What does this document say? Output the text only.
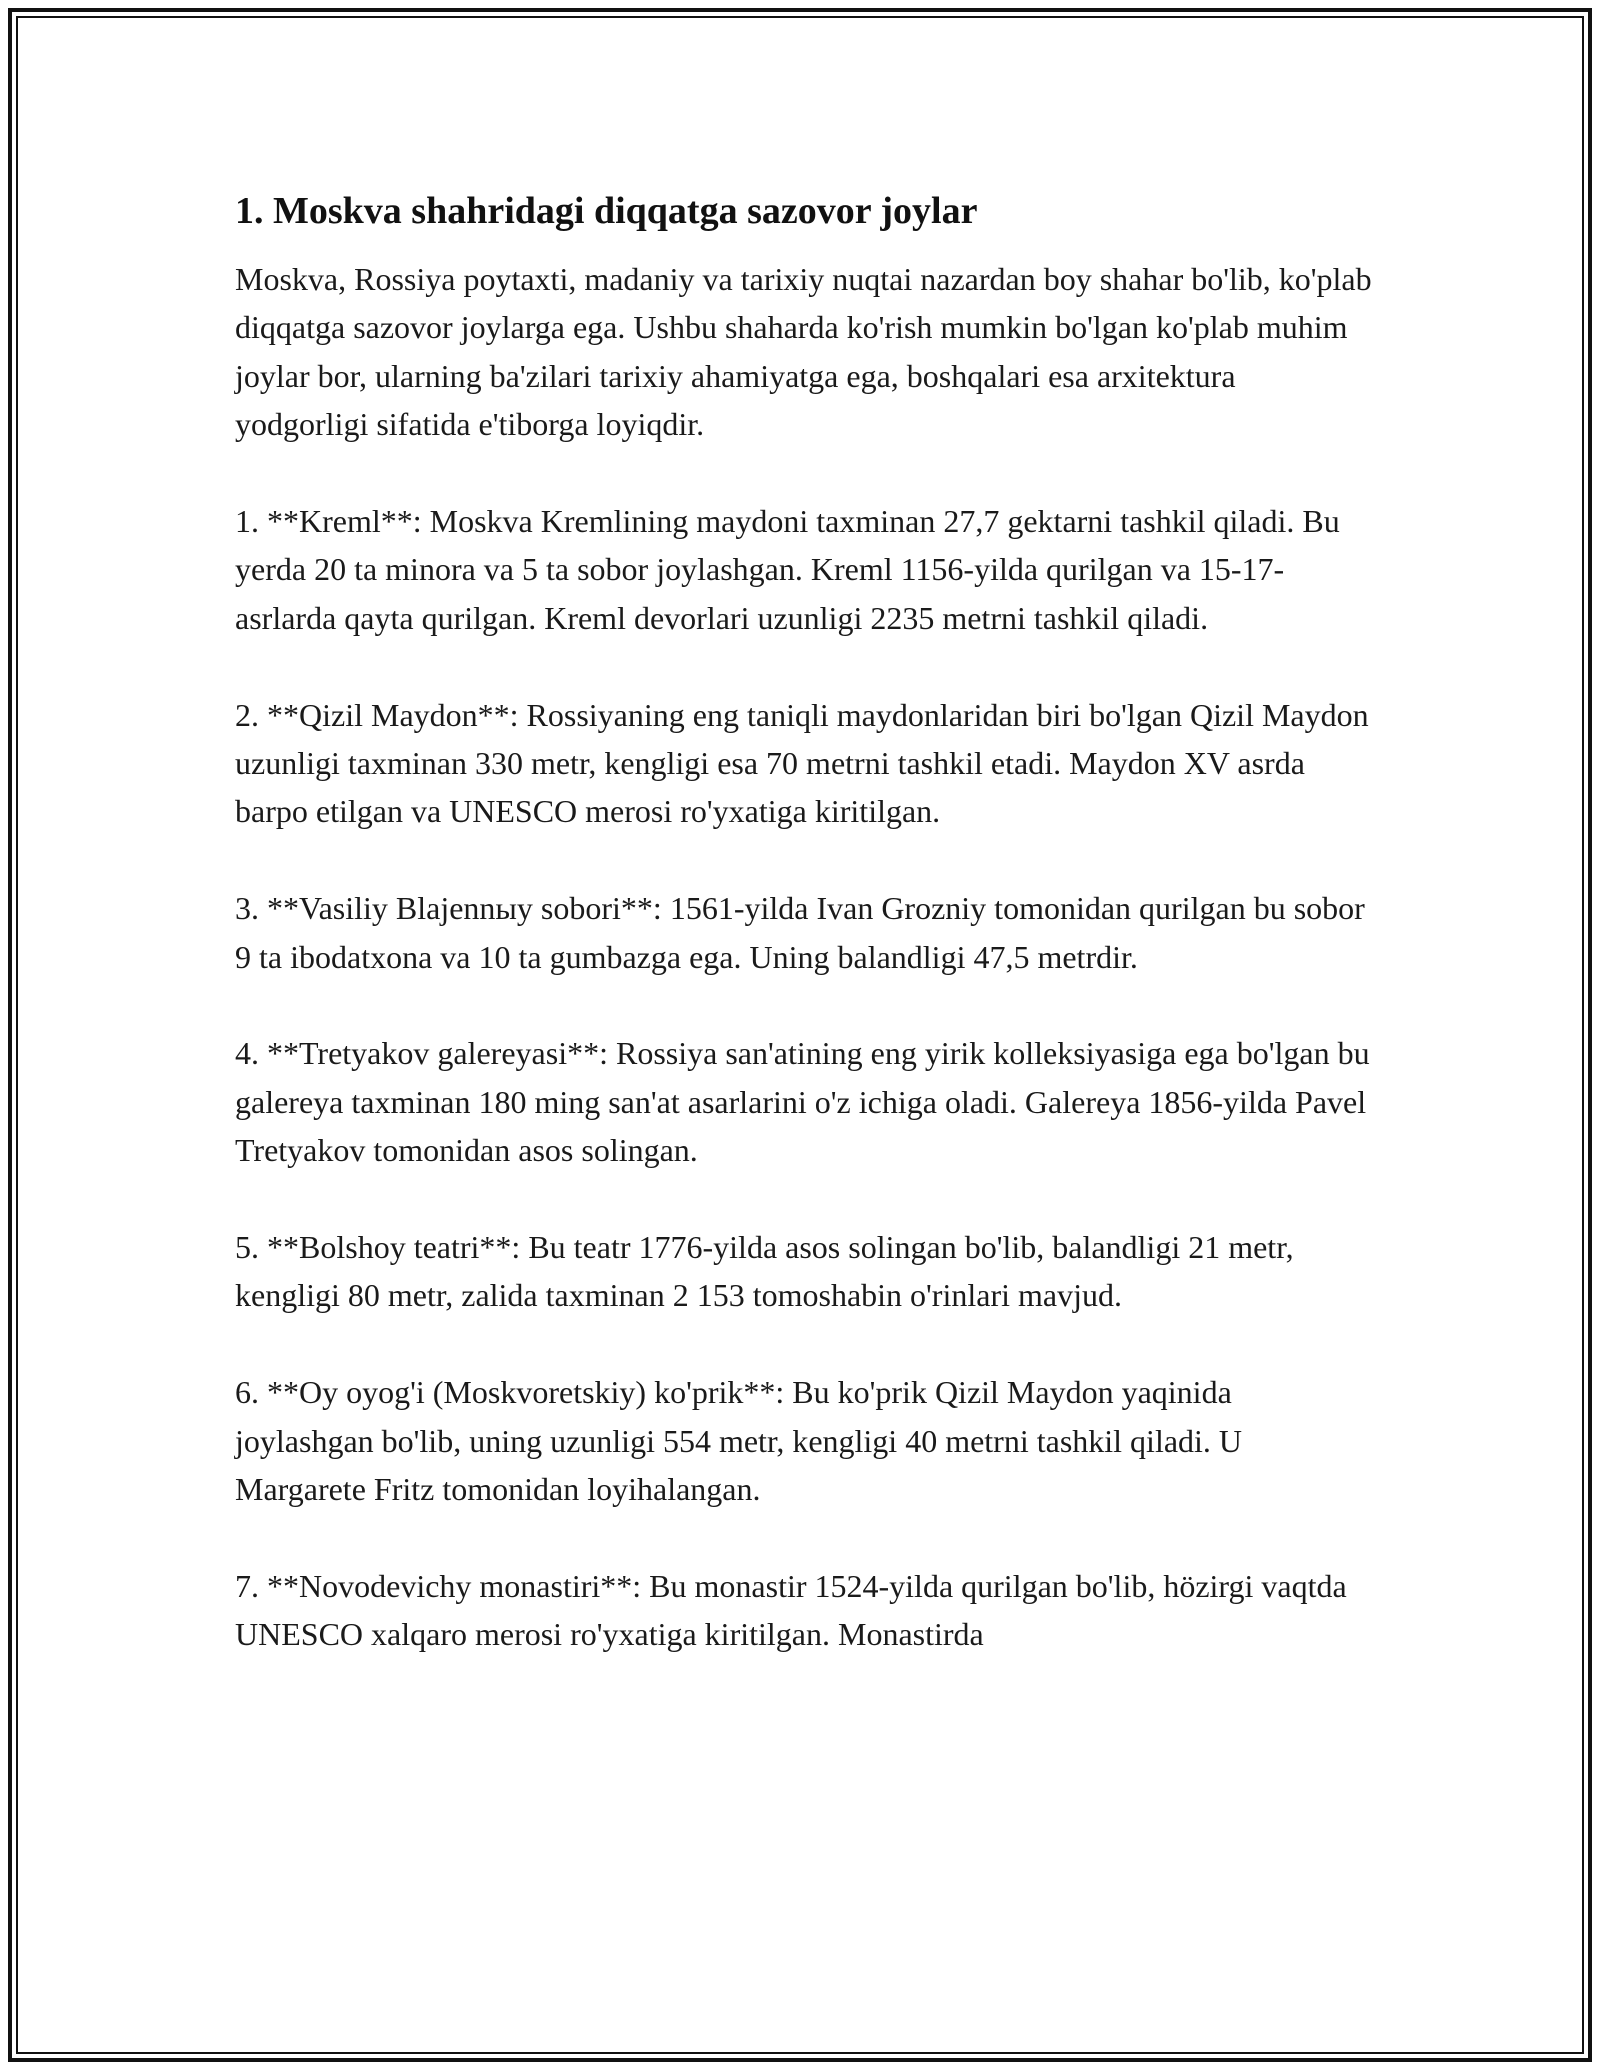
1. Moskva shahridagi diqqatga sazovor joylar

Moskva, Rossiya poytaxti, madaniy va tarixiy nuqtai nazardan boy shahar bo'lib, ko'plab diqqatga sazovor joylarga ega. Ushbu shaharda ko'rish mumkin bo'lgan ko'plab muhim joylar bor, ularning ba'zilari tarixiy ahamiyatga ega, boshqalari esa arxitektura yodgorligi sifatida e'tiborga loyiqdir.

1. **Kreml**: Moskva Kremlining maydoni taxminan 27,7 gektarni tashkil qiladi. Bu yerda 20 ta minora va 5 ta sobor joylashgan. Kreml 1156-yilda qurilgan va 15-17-asrlarda qayta qurilgan. Kreml devorlari uzunligi 2235 metrni tashkil qiladi.

2. **Qizil Maydon**: Rossiyaning eng taniqli maydonlaridan biri bo'lgan Qizil Maydon uzunligi taxminan 330 metr, kengligi esa 70 metrni tashkil etadi. Maydon XV asrda barpo etilgan va UNESCO merosi ro'yxatiga kiritilgan.

3. **Vasiliy Blajennыy sobori**: 1561-yilda Ivan Grozniy tomonidan qurilgan bu sobor 9 ta ibodatxona va 10 ta gumbazga ega. Uning balandligi 47,5 metrdir.

4. **Tretyakov galereyasi**: Rossiya san'atining eng yirik kolleksiyasiga ega bo'lgan bu galereya taxminan 180 ming san'at asarlarini o'z ichiga oladi. Galereya 1856-yilda Pavel Tretyakov tomonidan asos solingan.

5. **Bolshoy teatri**: Bu teatr 1776-yilda asos solingan bo'lib, balandligi 21 metr, kengligi 80 metr, zalida taxminan 2 153 tomoshabin o'rinlari mavjud.

6. **Oy oyog'i (Moskvoretskiy) ko'prik**: Bu ko'prik Qizil Maydon yaqinida joylashgan bo'lib, uning uzunligi 554 metr, kengligi 40 metrni tashkil qiladi. U Margarete Fritz tomonidan loyihalangan.

7. **Novodevichy monastiri**: Bu monastir 1524-yilda qurilgan bo'lib, hözirgi vaqtda UNESCO xalqaro merosi ro'yxatiga kiritilgan. Monastirda
